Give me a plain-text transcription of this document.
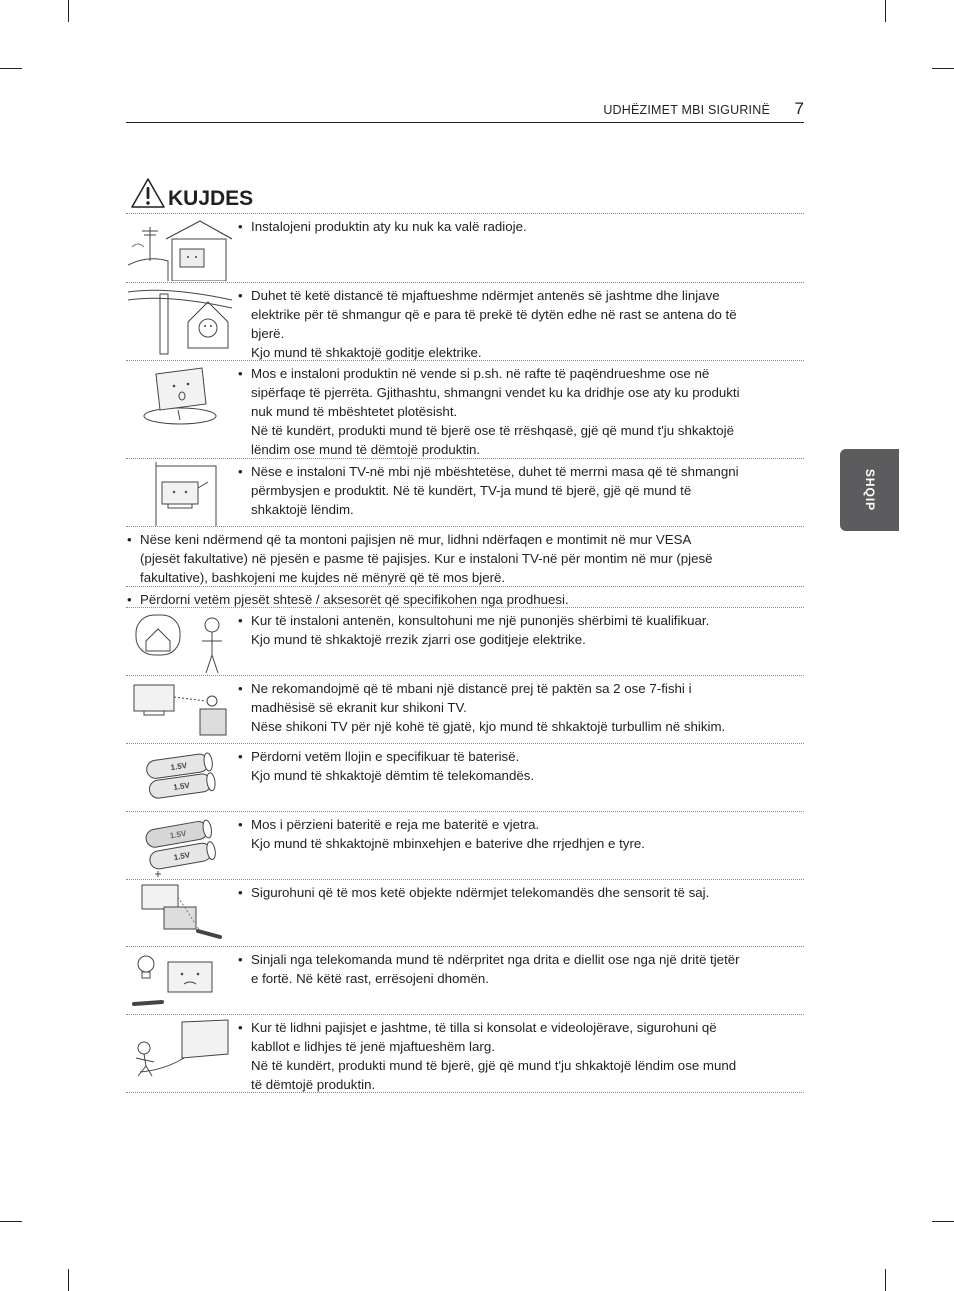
UDHËZIMET MBI SIGURINË 7
SHQIP
KUJDES
• Instalojeni produktin aty ku nuk ka valë radioje.
• Duhet të ketë distancë të mjaftueshme ndërmjet antenës së jashtme dhe linjave
elektrike për të shmangur që e para të prekë të dytën edhe në rast se antena do të
bjerë.
Kjo mund të shkaktojë goditje elektrike.
• Mos e instaloni produktin në vende si p.sh. në rafte të paqëndrueshme ose në
sipërfaqe të pjerrëta. Gjithashtu, shmangni vendet ku ka dridhje ose aty ku produkti
nuk mund të mbështetet plotësisht.
Në të kundërt, produkti mund të bjerë ose të rrëshqasë, gjë që mund t'ju shkaktojë
lëndim ose mund të dëmtojë produktin.
• Nëse e instaloni TV-në mbi një mbështetëse, duhet të merrni masa që të shmangni
përmbysjen e produktit. Në të kundërt, TV-ja mund të bjerë, gjë që mund të
shkaktojë lëndim.
• Nëse keni ndërmend që ta montoni pajisjen në mur, lidhni ndërfaqen e montimit në mur VESA
(pjesët fakultative) në pjesën e pasme të pajisjes. Kur e instaloni TV-në për montim në mur (pjesë
fakultative), bashkojeni me kujdes në mënyrë që të mos bjerë.
• Përdorni vetëm pjesët shtesë / aksesorët që specifikohen nga prodhuesi.
• Kur të instaloni antenën, konsultohuni me një punonjës shërbimi të kualifikuar.
Kjo mund të shkaktojë rrezik zjarri ose goditjeje elektrike.
• Ne rekomandojmë që të mbani një distancë prej të paktën sa 2 ose 7-fishi i
madhësisë së ekranit kur shikoni TV.
Nëse shikoni TV për një kohë të gjatë, kjo mund të shkaktojë turbullim në shikim.
1.5V
1.5V
• Përdorni vetëm llojin e specifikuar të baterisë.
Kjo mund të shkaktojë dëmtim të telekomandës.
1.5V
1.5V
• Mos i përzieni bateritë e reja me bateritë e vjetra.
Kjo mund të shkaktojnë mbinxehjen e baterive dhe rrjedhjen e tyre.
• Sigurohuni që të mos ketë objekte ndërmjet telekomandës dhe sensorit të saj.
• Sinjali nga telekomanda mund të ndërpritet nga drita e diellit ose nga një dritë tjetër
e fortë. Në këtë rast, errësojeni dhomën.
• Kur të lidhni pajisjet e jashtme, të tilla si konsolat e videolojërave, sigurohuni që
kabllot e lidhjes të jenë mjaftueshëm larg.
Në të kundërt, produkti mund të bjerë, gjë që mund t'ju shkaktojë lëndim ose mund
të dëmtojë produktin.
